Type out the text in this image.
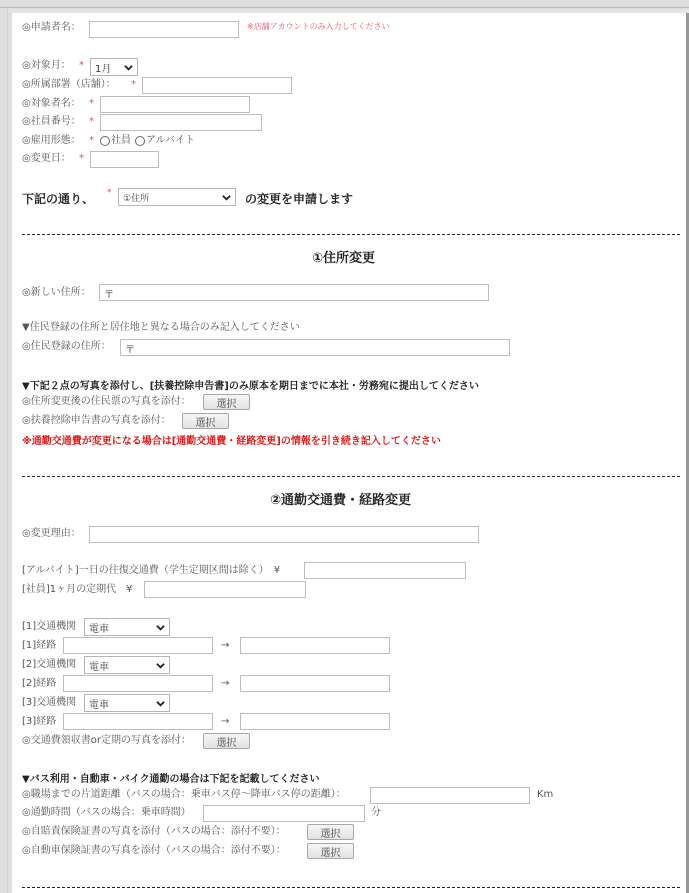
◎申請者名：	※店舗アカウントのみ入力してください
◎対象月： * 1月
◎所属部署（店舗）： *
◎対象者名： *
◎社員番号： *
◎雇用形態： * 社員 アルバイト
◎変更日： *
下記の通り、 *
①住所	の変更を申請します
①住所変更
◎新しい住所：	〒
▼住民登録の住所と居住地と異なる場合のみ記入してください
◎住民登録の住所：	〒
▼下記２点の写真を添付し、[扶養控除申告書]のみ原本を期日までに本社・労務宛に提出してください
◎住所変更後の住民票の写真を添付：	選択
◎扶養控除申告書の写真を添付：	選択
※通勤交通費が変更になる場合は[通勤交通費・経路変更]の情報を引き続き記入してください
②通勤交通費・経路変更
◎変更理由：
[アルバイト]一日の往復交通費（学生定期区間は除く）　¥
[社員]1ヶ月の定期代　¥
[1]交通機関 電車
[1]経路	→
[2]交通機関 電車
[2]経路	→
[3]交通機関 電車
[3]経路	→
◎交通費領収書or定期の写真を添付：	選択
▼バス利用・自動車・バイク通勤の場合は下記を記載してください
◎職場までの片道距離（バスの場合：乗車バス停～降車バス停の距離）：	Km
◎通勤時間（バスの場合：乗車時間）	分
◎自賠責保険証書の写真を添付（バスの場合：添付不要）：	選択
◎自動車保険証書の写真を添付（バスの場合：添付不要）：	選択
